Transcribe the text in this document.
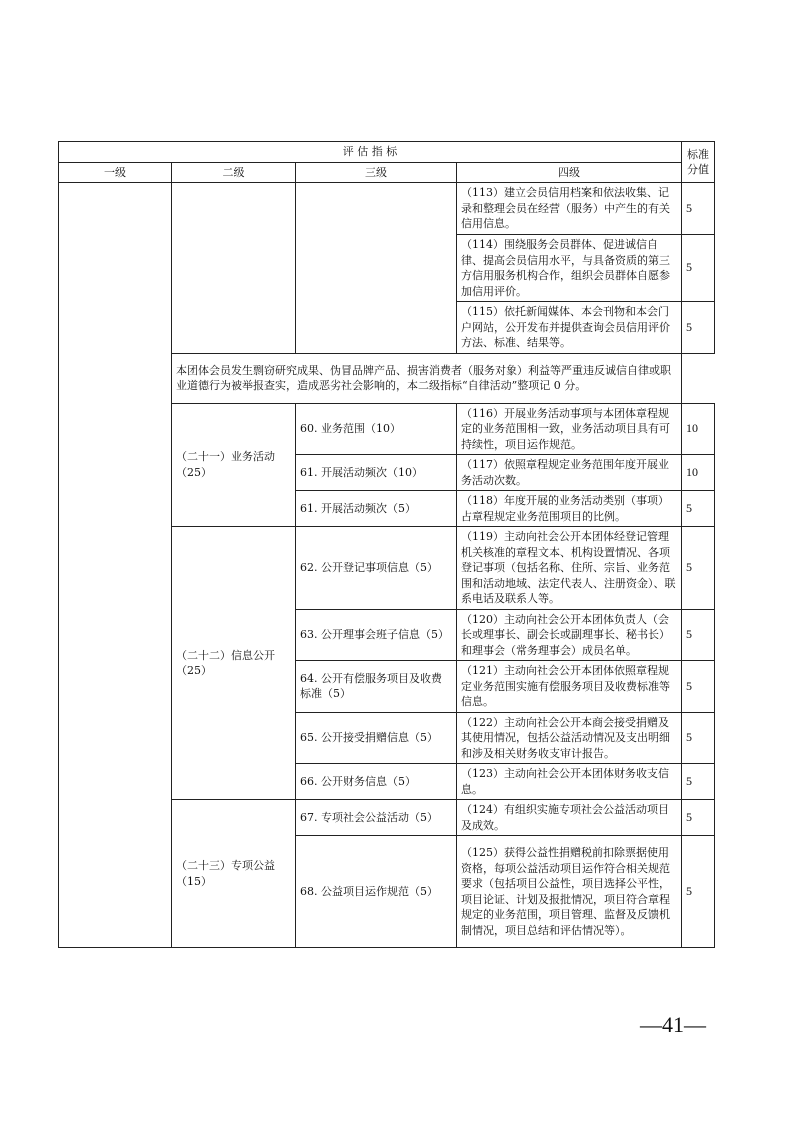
评 估 指 标				标准
分值
一级	二级	三级	四级	
			（113）建立会员信用档案和依法收集、记录和整理会员在经营（服务）中产生的有关信用信息。	5
			（114）围绕服务会员群体、促进诚信自律、提高会员信用水平，与具备资质的第三方信用服务机构合作，组织会员群体自愿参加信用评价。	5
			（115）依托新闻媒体、本会刊物和本会门户网站，公开发布并提供查询会员信用评价方法、标准、结果等。	5
	本团体会员发生剽窃研究成果、伪冒品牌产品、损害消费者（服务对象）利益等严重违反诚信自律或职业道德行为被举报查实，造成恶劣社会影响的，本二级指标“自律活动”整项记 0 分。			
	（二十一）业务活动（25）	60. 业务范围（10）	（116）开展业务活动事项与本团体章程规定的业务范围相一致，业务活动项目具有可持续性，项目运作规范。	10
		61. 开展活动频次（10）	（117）依照章程规定业务范围年度开展业务活动次数。	10
		61. 开展活动频次（5）	（118）年度开展的业务活动类别（事项）占章程规定业务范围项目的比例。	5
	（二十二）信息公开（25）	62. 公开登记事项信息（5）	（119）主动向社会公开本团体经登记管理机关核准的章程文本、机构设置情况、各项登记事项（包括名称、住所、宗旨、业务范围和活动地域、法定代表人、注册资金）、联系电话及联系人等。	5
		63. 公开理事会班子信息（5）	（120）主动向社会公开本团体负责人（会长或理事长、副会长或副理事长、秘书长）和理事会（常务理事会）成员名单。	5
		64. 公开有偿服务项目及收费标准（5）	（121）主动向社会公开本团体依照章程规定业务范围实施有偿服务项目及收费标准等信息。	5
		65. 公开接受捐赠信息（5）	（122）主动向社会公开本商会接受捐赠及其使用情况，包括公益活动情况及支出明细和涉及相关财务收支审计报告。	5
		66. 公开财务信息（5）	（123）主动向社会公开本团体财务收支信息。	5
	（二十三）专项公益（15）	67. 专项社会公益活动（5）	（124）有组织实施专项社会公益活动项目及成效。	5
		68. 公益项目运作规范（5）	（125）获得公益性捐赠税前扣除票据使用资格，每项公益活动项目运作符合相关规范要求（包括项目公益性，项目选择公平性，项目论证、计划及报批情况，项目符合章程规定的业务范围，项目管理、监督及反馈机制情况，项目总结和评估情况等）。	5
—41—
